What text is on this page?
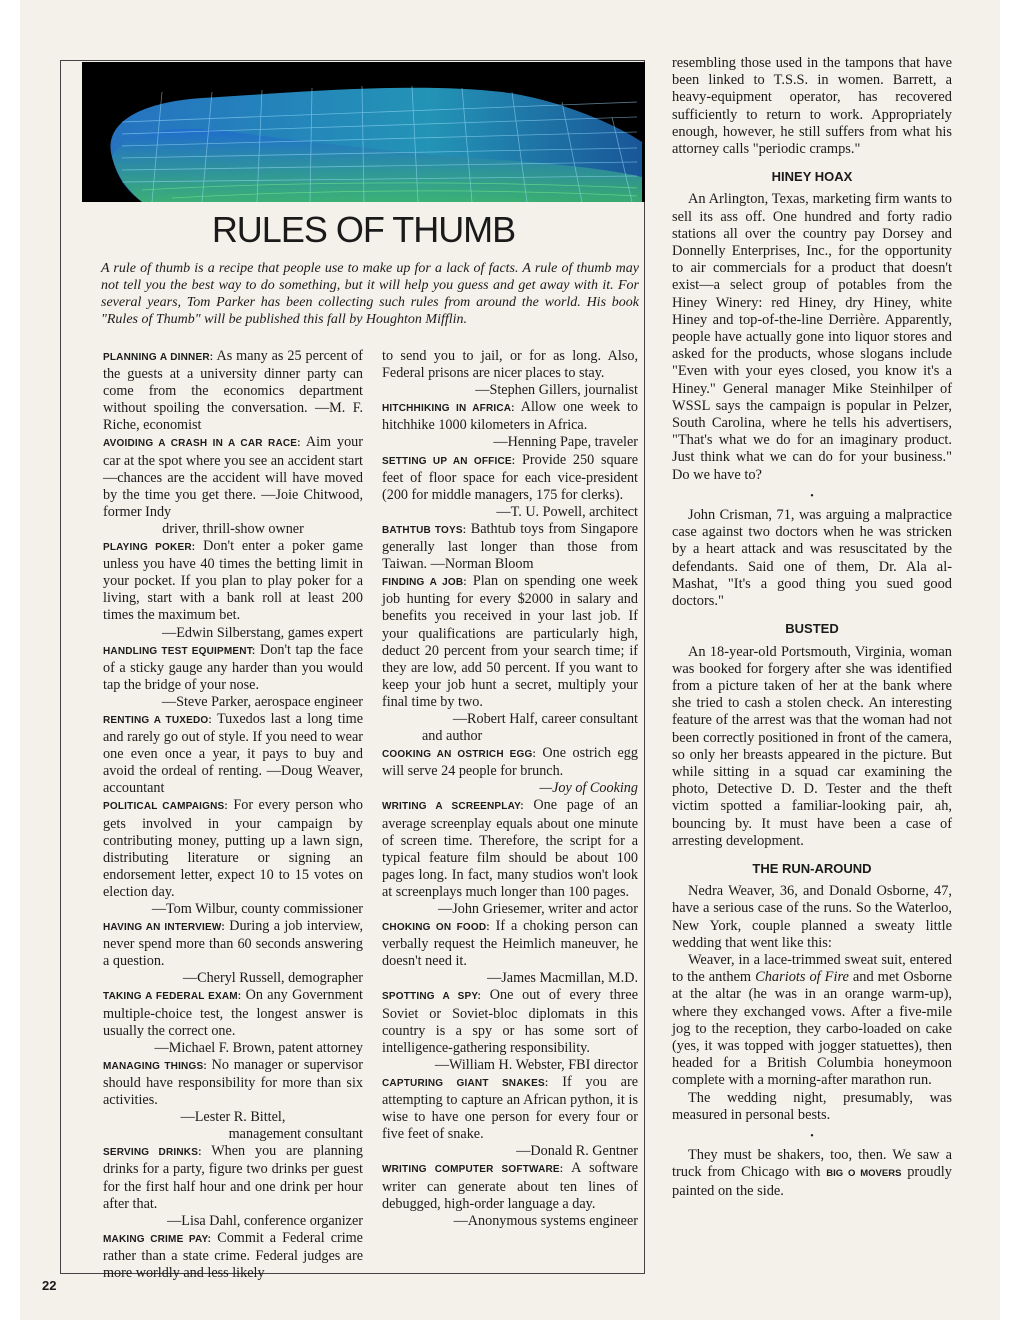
RULES OF THUMB
A rule of thumb is a recipe that people use to make up for a lack of facts. A rule of thumb may not tell you the best way to do something, but it will help you guess and get away with it. For several years, Tom Parker has been collecting such rules from around the world. His book "Rules of Thumb" will be published this fall by Houghton Mifflin.

PLANNING A DINNER: As many as 25 percent of the guests at a university dinner party can come from the economics department without spoiling the conversation. —M. F. Riche, economist

AVOIDING A CRASH IN A CAR RACE: Aim your car at the spot where you see an accident start—chances are the accident will have moved by the time you get there. —Joie Chitwood, former Indy

driver, thrill-show owner

PLAYING POKER: Don't enter a poker game unless you have 40 times the betting limit in your pocket. If you plan to play poker for a living, start with a bank roll at least 200 times the maximum bet.

—Edwin Silberstang, games expert

HANDLING TEST EQUIPMENT: Don't tap the face of a sticky gauge any harder than you would tap the bridge of your nose.

—Steve Parker, aerospace engineer

RENTING A TUXEDO: Tuxedos last a long time and rarely go out of style. If you need to wear one even once a year, it pays to buy and avoid the ordeal of renting. —Doug Weaver, accountant

POLITICAL CAMPAIGNS: For every person who gets involved in your campaign by contributing money, putting up a lawn sign, distributing literature or signing an endorsement letter, expect 10 to 15 votes on election day.

—Tom Wilbur, county commissioner

HAVING AN INTERVIEW: During a job interview, never spend more than 60 seconds answering a question.

—Cheryl Russell, demographer

TAKING A FEDERAL EXAM: On any Government multiple-choice test, the longest answer is usually the correct one.

—Michael F. Brown, patent attorney

MANAGING THINGS: No manager or supervisor should have responsibility for more than six activities.

—Lester R. Bittel,

management consultant

SERVING DRINKS: When you are planning drinks for a party, figure two drinks per guest for the first half hour and one drink per hour after that.

—Lisa Dahl, conference organizer

MAKING CRIME PAY: Commit a Federal crime rather than a state crime. Federal judges are more worldly and less likely

to send you to jail, or for as long. Also, Federal prisons are nicer places to stay.

—Stephen Gillers, journalist

HITCHHIKING IN AFRICA: Allow one week to hitchhike 1000 kilometers in Africa.

—Henning Pape, traveler

SETTING UP AN OFFICE: Provide 250 square feet of floor space for each vice-president (200 for middle managers, 175 for clerks).

—T. U. Powell, architect

BATHTUB TOYS: Bathtub toys from Singapore generally last longer than those from Taiwan. —Norman Bloom

FINDING A JOB: Plan on spending one week job hunting for every $2000 in salary and benefits you received in your last job. If your qualifications are particularly high, deduct 20 percent from your search time; if they are low, add 50 percent. If you want to keep your job hunt a secret, multiply your final time by two.

—Robert Half, career consultant

and author

COOKING AN OSTRICH EGG: One ostrich egg will serve 24 people for brunch.

—Joy of Cooking

WRITING A SCREENPLAY: One page of an average screenplay equals about one minute of screen time. Therefore, the script for a typical feature film should be about 100 pages long. In fact, many studios won't look at screenplays much longer than 100 pages.

—John Griesemer, writer and actor

CHOKING ON FOOD: If a choking person can verbally request the Heimlich maneuver, he doesn't need it.

—James Macmillan, M.D.

SPOTTING A SPY: One out of every three Soviet or Soviet-bloc diplomats in this country is a spy or has some sort of intelligence-gathering responsibility.

—William H. Webster, FBI director

CAPTURING GIANT SNAKES: If you are attempting to capture an African python, it is wise to have one person for every four or five feet of snake.

—Donald R. Gentner

WRITING COMPUTER SOFTWARE: A software writer can generate about ten lines of debugged, high-order language a day.

—Anonymous systems engineer

resembling those used in the tampons that have been linked to T.S.S. in women. Barrett, a heavy-equipment operator, has recovered sufficiently to return to work. Appropriately enough, however, he still suffers from what his attorney calls "periodic cramps."

HINEY HOAX

An Arlington, Texas, marketing firm wants to sell its ass off. One hundred and forty radio stations all over the country pay Dorsey and Donnelly Enterprises, Inc., for the opportunity to air commercials for a product that doesn't exist—a select group of potables from the Hiney Winery: red Hiney, dry Hiney, white Hiney and top-of-the-line Derrière. Apparently, people have actually gone into liquor stores and asked for the products, whose slogans include "Even with your eyes closed, you know it's a Hiney." General manager Mike Steinhilper of WSSL says the campaign is popular in Pelzer, South Carolina, where he tells his advertisers, "That's what we do for an imaginary product. Just think what we can do for your business." Do we have to?

•

John Crisman, 71, was arguing a malpractice case against two doctors when he was stricken by a heart attack and was resuscitated by the defendants. Said one of them, Dr. Ala al-Mashat, "It's a good thing you sued good doctors."

BUSTED

An 18-year-old Portsmouth, Virginia, woman was booked for forgery after she was identified from a picture taken of her at the bank where she tried to cash a stolen check. An interesting feature of the arrest was that the woman had not been correctly positioned in front of the camera, so only her breasts appeared in the picture. But while sitting in a squad car examining the photo, Detective D. D. Tester and the theft victim spotted a familiar-looking pair, ah, bouncing by. It must have been a case of arresting development.

THE RUN-AROUND

Nedra Weaver, 36, and Donald Osborne, 47, have a serious case of the runs. So the Waterloo, New York, couple planned a sweaty little wedding that went like this:

Weaver, in a lace-trimmed sweat suit, entered to the anthem Chariots of Fire and met Osborne at the altar (he was in an orange warm-up), where they exchanged vows. After a five-mile jog to the reception, they carbo-loaded on cake (yes, it was topped with jogger statuettes), then headed for a British Columbia honeymoon complete with a morning-after marathon run.

The wedding night, presumably, was measured in personal bests.

•

They must be shakers, too, then. We saw a truck from Chicago with BIG O MOVERS proudly painted on the side.

22
